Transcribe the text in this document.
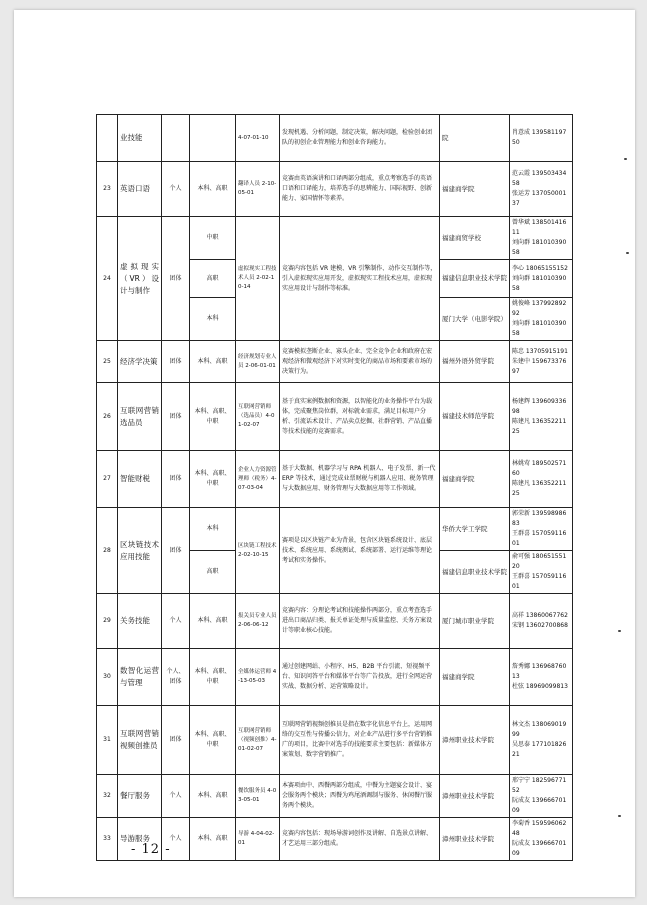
	业技能			4-07-01-10	发现机遇、分析问题，制定决策，解决问题，检验创业团队的初创企业管理能力和创业咨询能力。	院	肖意成 13958119750

23	英语口语	个人	本科、高职	翻译人员 2-10-05-01	竞赛由英语演讲和口译两部分组成，重点考察选手的英语口语和口译能力，培养选手的思辨能力、国际视野、创新能力、家国情怀等素养。	福建商学院	范云霞 13950343458
张运芳 13705000137

24	虚拟现实（VR）设计与制作	团体	中职	虚拟现实工程技术人员 2-02-10-14	竞赛内容包括 VR 建模、VR 引擎制作、动作交互制作等，引入虚拟现实应用开发，虚拟现实工程技术应用，虚拟现实应用设计与制作等标准。	福建商贸学校	曾华斌 13850141611
刘向群 18101039058

			高职			福建信息职业技术学院	李心 18065155152
刘向群 18101039058

			本科			厦门大学（电影学院）	姚俊峰 13799289292
刘向群 18101039058

25	经济学决策	团体	本科、高职	经济规划专业人员 2-06-01-01	竞赛模拟垄断企业、寡头企业、完全竞争企业和政府在宏观经济和微观经济下对实时变化的商品市场和要素市场的决策行为。	福州外语外贸学院	陈忠 13705915191
朱建中 15967337697

26	互联网营销选品员	团体	本科、高职、中职	互联网营销师（选品员）4-01-02-07	基于真实案例数据和资源，以智能化的业务操作平台为载体，完成聚焦岗位群，对标就业需求，满足目标用户分析、引流话术设计、产品卖点挖掘、社群营销、产品直播等技术技能的竞赛需求。	福建技术师范学院	杨建辉 13960933698
陈建凡 13635221125

27	智能财税	团体	本科、高职、中职	企业人力资源管理师（税务）4-07-03-04	基于大数据、机器学习与 RPA 机器人、电子发票、新一代 ERP 等技术，通过完成业票财税与机器人应用、税务管理与大数据应用、财务管理与大数据应用等工作领域。	福建商学院	林姚莺 18950257160
陈建凡 13635221125

28	区块链技术应用技能	团体	本科	区块链工程技术 2-02-10-15	赛项是以区块链产业为背景，包含区块链系统设计、底层技术、系统应用、系统测试、系统部署、运行运维等理论考试和实务操作。	华侨大学工学院	郭荣新 13959898683
王群喜 15705911601

			高职			福建信息职业技术学院	俞可强 18065155120
王群喜 15705911601

29	关务技能	个人	本科、高职	报关员专业人员 2-06-06-12	竞赛内容：分理论考试和技能操作两部分，重点考查选手进出口商品归类、报关单证处理与质量监控、关务方案设计等职业核心技能。	厦门城市职业学院	高祥 13860067762
宋钢 13602700868

30	数智化运营与管理	个人、团体	本科、高职、中职	全媒体运营师 4-13-05-03	通过创建网站、小程序、H5、B2B 平台引流、短视频平台、知识问答平台和媒体平台等广告投放，进行全网运营实战、数据分析、运营策略设计。	福建商学院	詹秀娜 13696876013
杜弦 18969099813

31	互联网营销视频创推员	团体	本科、高职、中职	互联网营销师（视频创推）4-01-02-07	互联网营销视频创推员是指在数字化信息平台上，运用网络的交互性与传播公信力，对企业产品进行多平台营销推广的项目，比赛中对选手的技能要求主要包括：新媒体方案策划、数字营销推广。	漳州职业技术学院	林文杰 13806901999
吴思泰 17710182621

32	餐厅服务	个人	本科、高职	餐饮服务员 4-03-05-01	本赛项由中、西餐两部分组成，中餐为主题宴会设计、宴会服务两个模块；西餐为鸡尾酒调制与服务、休闲餐厅服务两个模块。	漳州职业技术学院	邢宁宁 18259677152
阮成友 13966670109

33	导游服务	个人	本科、高职	导游 4-04-02-01	竞赛内容包括：现场导游词创作及讲解、自选景点讲解、才艺运用三部分组成。	漳州职业技术学院	李菊香 15959606248
阮成友 13966670109
- 12 -
